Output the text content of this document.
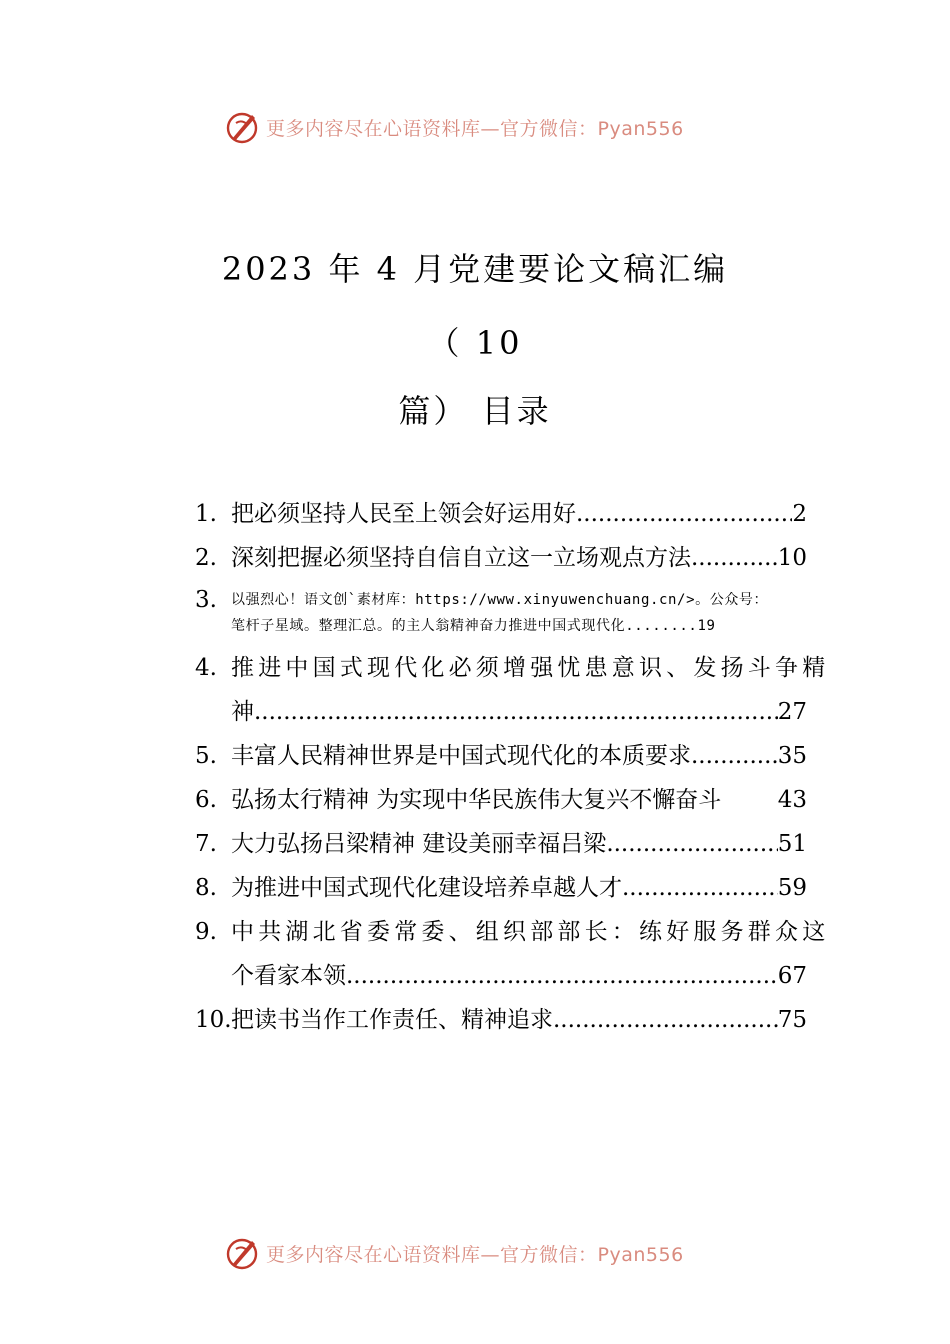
更多内容尽在心语资料库—官方微信：Pyan556
2023 年 4 月党建要论文稿汇编
（ 10
篇） 目录
1. 把必须坚持人民至上领会好运用好 .....	2
2. 深刻把握必须坚持自信自立这一立场观点方法 .....	10
3.	以强烈心！语文创`素材库：https://www.xinyuwenchuang.cn/>。公众号：
笔杆子星域。整理汇总。的主人翁精神奋力推进中国式现代化 ........ 19
4. 推进中国式现代化必须增强忧患意识、发扬斗争精
神 .....	27
5. 丰富人民精神世界是中国式现代化的本质要求 .....	35
6. 弘扬太行精神 为实现中华民族伟大复兴不懈奋斗 43
7. 大力弘扬吕梁精神 建设美丽幸福吕梁 .....	51
8. 为推进中国式现代化建设培养卓越人才 .....	59
9. 中共湖北省委常委、组织部部长：练好服务群众这
个看家本领 .....	67
10. 把读书当作工作责任、精神追求 .....	75
更多内容尽在心语资料库—官方微信：Pyan556
